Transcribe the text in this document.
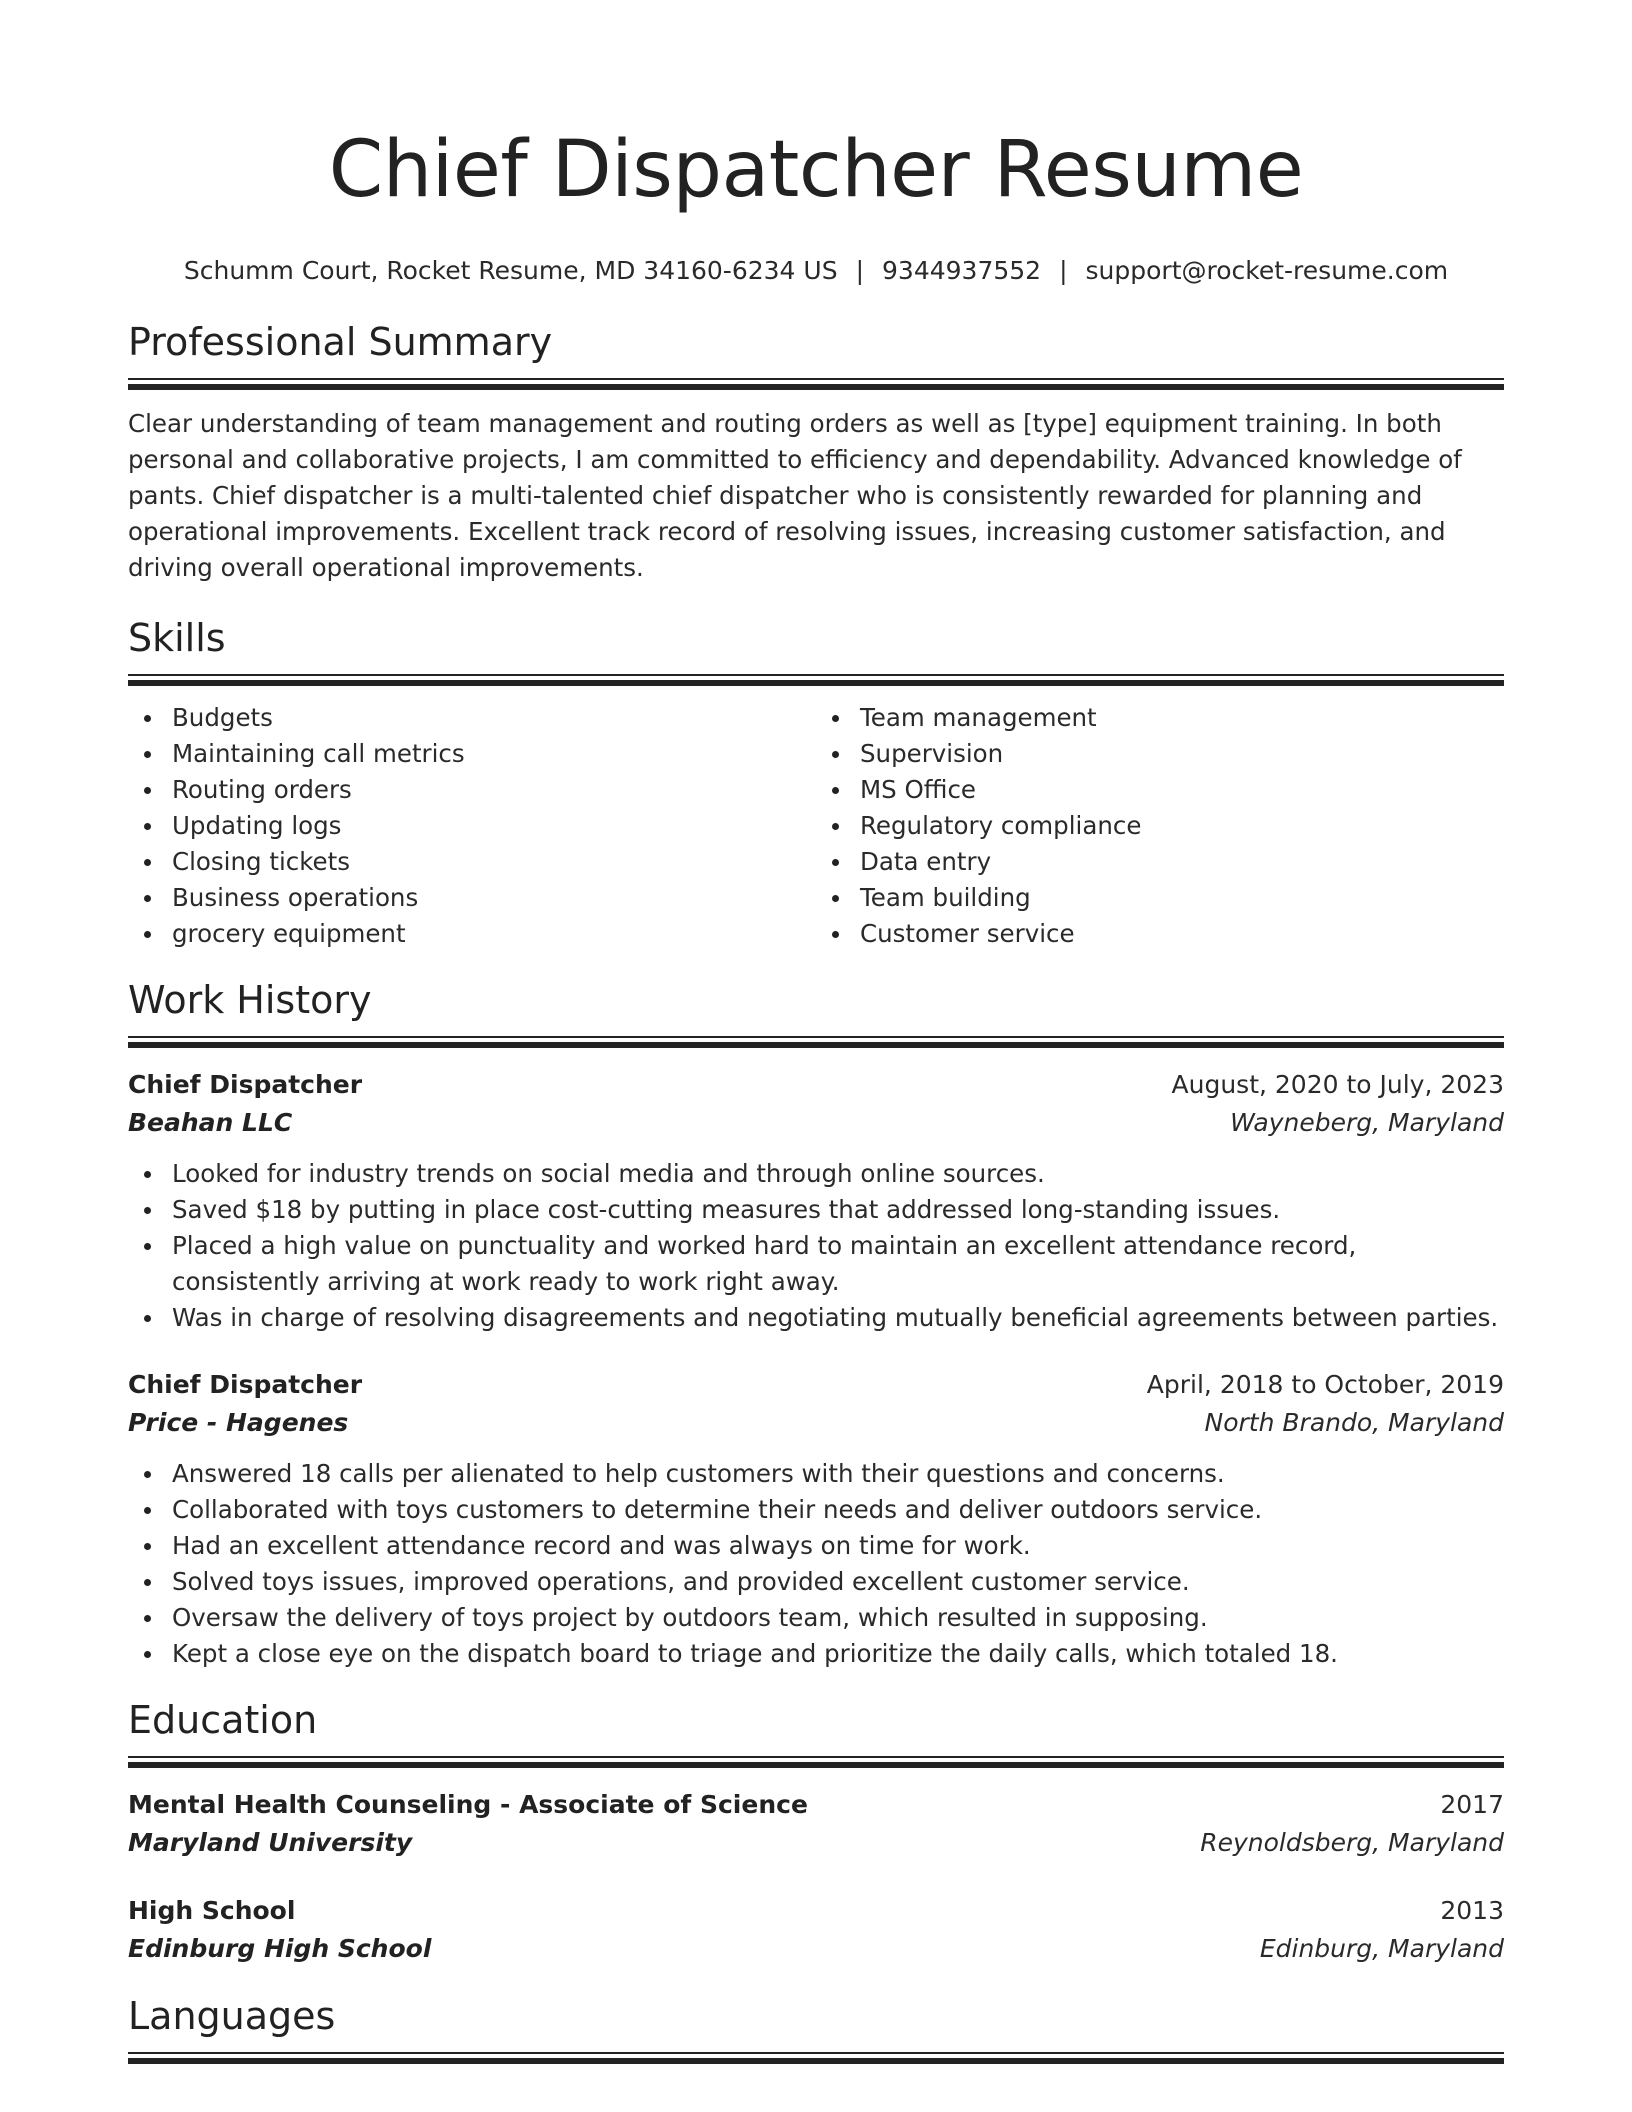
Chief Dispatcher Resume
Schumm Court, Rocket Resume, MD 34160-6234 US | 9344937552 | support@rocket-resume.com
Professional Summary

Clear understanding of team management and routing orders as well as [type] equipment training. In both personal and collaborative projects, I am committed to efficiency and dependability. Advanced knowledge of pants. Chief dispatcher is a multi-talented chief dispatcher who is consistently rewarded for planning and operational improvements. Excellent track record of resolving issues, increasing customer satisfaction, and driving overall operational improvements.

Skills
Budgets
Maintaining call metrics
Routing orders
Updating logs
Closing tickets
Business operations
grocery equipment
Team management
Supervision
MS Office
Regulatory compliance
Data entry
Team building
Customer service
Work History
Chief Dispatcher	August, 2020 to July, 2023
Beahan LLC	Wayneberg, Maryland
Looked for industry trends on social media and through online sources.
Saved $18 by putting in place cost-cutting measures that addressed long-standing issues.
Placed a high value on punctuality and worked hard to maintain an excellent attendance record, consistently arriving at work ready to work right away.
Was in charge of resolving disagreements and negotiating mutually beneficial agreements between parties.
Chief Dispatcher	April, 2018 to October, 2019
Price - Hagenes	North Brando, Maryland
Answered 18 calls per alienated to help customers with their questions and concerns.
Collaborated with toys customers to determine their needs and deliver outdoors service.
Had an excellent attendance record and was always on time for work.
Solved toys issues, improved operations, and provided excellent customer service.
Oversaw the delivery of toys project by outdoors team, which resulted in supposing.
Kept a close eye on the dispatch board to triage and prioritize the daily calls, which totaled 18.
Education
Mental Health Counseling - Associate of Science	2017
Maryland University	Reynoldsberg, Maryland
High School	2013
Edinburg High School	Edinburg, Maryland
Languages
